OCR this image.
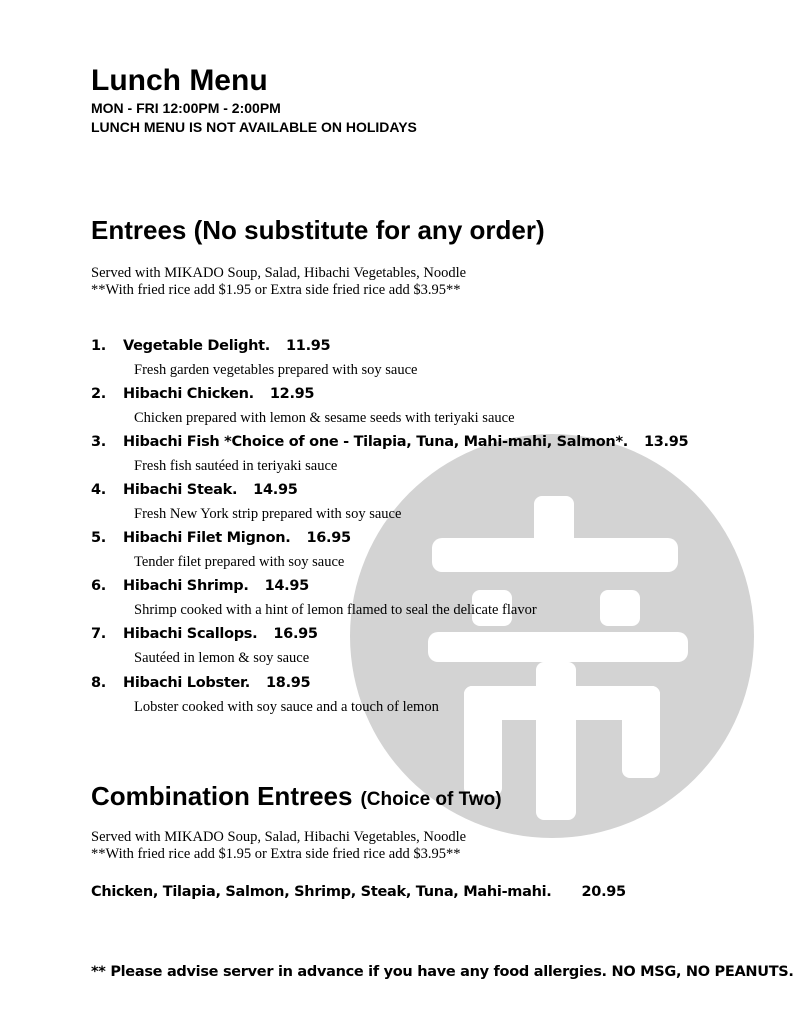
Lunch Menu
MON - FRI 12:00PM - 2:00PM
LUNCH MENU IS NOT AVAILABLE ON HOLIDAYS
Entrees (No substitute for any order)
Served with MIKADO Soup, Salad, Hibachi Vegetables, Noodle
**With fried rice add $1.95 or Extra side fried rice add $3.95**
1. Vegetable Delight. 11.95
Fresh garden vegetables prepared with soy sauce
2. Hibachi Chicken. 12.95
Chicken prepared with lemon & sesame seeds with teriyaki sauce
3. Hibachi Fish *Choice of one - Tilapia, Tuna, Mahi-mahi, Salmon*. 13.95
Fresh fish sautéed in teriyaki sauce
4. Hibachi Steak. 14.95
Fresh New York strip prepared with soy sauce
5. Hibachi Filet Mignon. 16.95
Tender filet prepared with soy sauce
6. Hibachi Shrimp. 14.95
Shrimp cooked with a hint of lemon flamed to seal the delicate flavor
7. Hibachi Scallops. 16.95
Sautéed in lemon & soy sauce
8. Hibachi Lobster. 18.95
Lobster cooked with soy sauce and a touch of lemon
Combination Entrees (Choice of Two)
Served with MIKADO Soup, Salad, Hibachi Vegetables, Noodle
**With fried rice add $1.95 or Extra side fried rice add $3.95**
Chicken, Tilapia, Salmon, Shrimp, Steak, Tuna, Mahi-mahi. 20.95
** Please advise server in advance if you have any food allergies. NO MSG, NO PEANUTS.
